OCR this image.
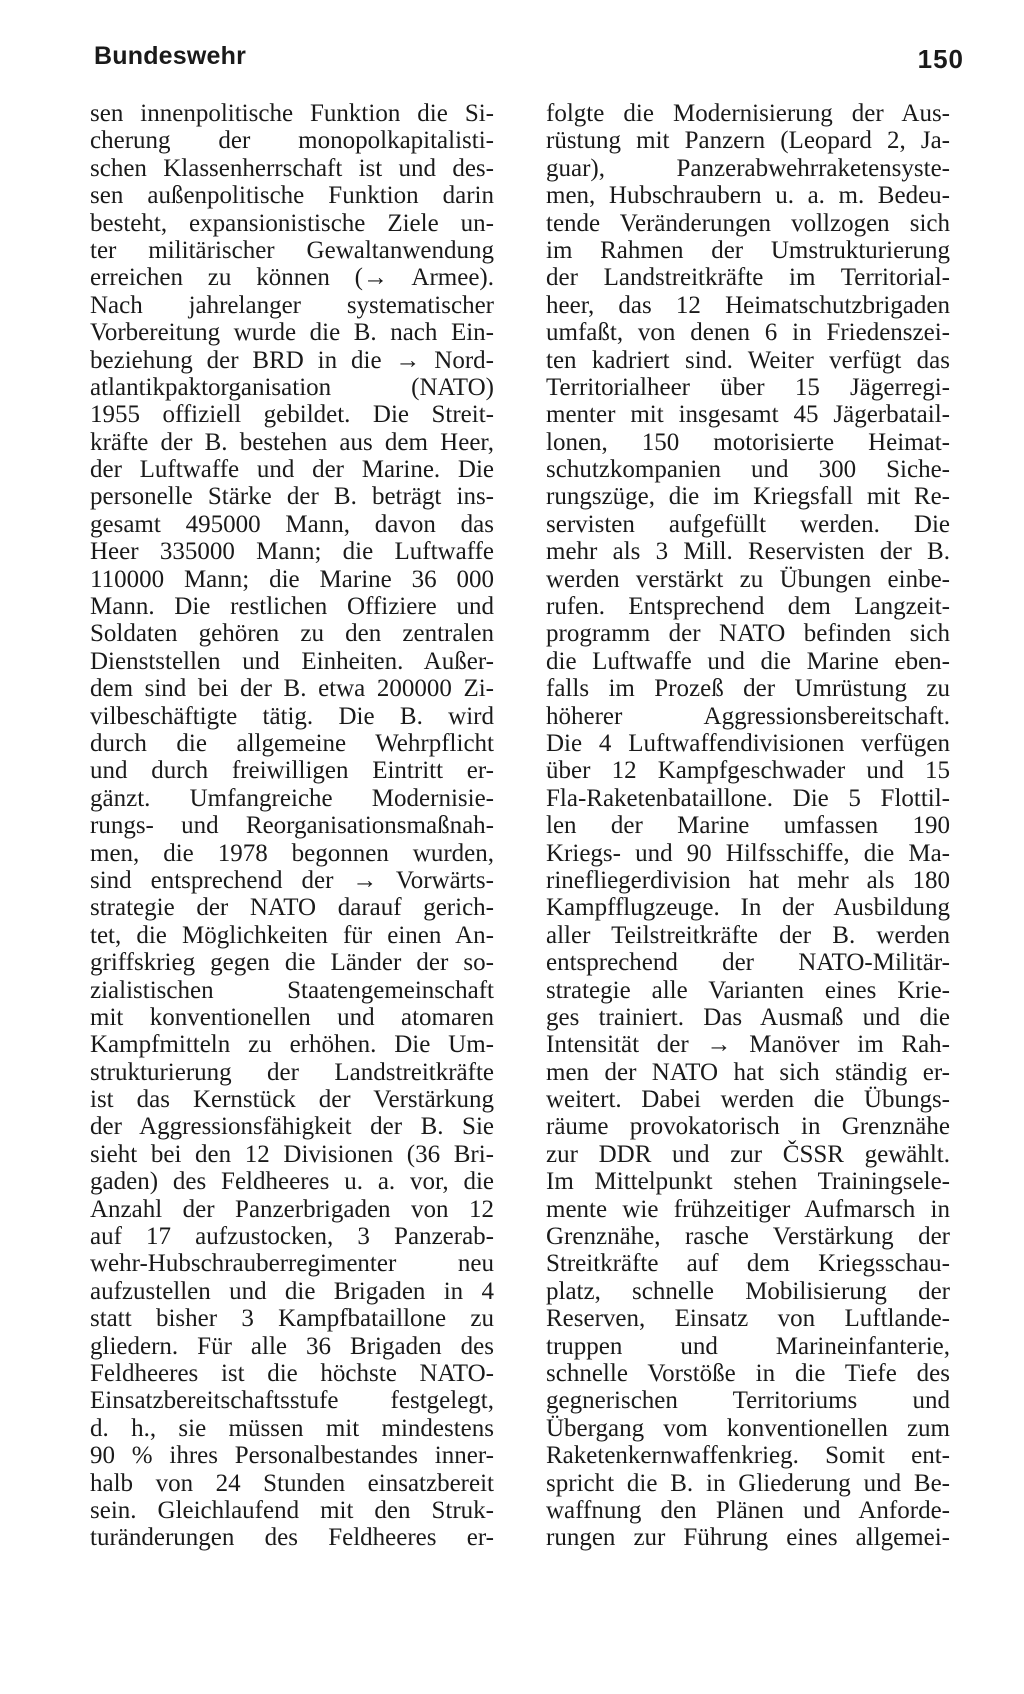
Bundeswehr	150
sen innenpolitische Funktion die Si-
cherung der monopolkapitalisti-
schen Klassenherrschaft ist und des-
sen außenpolitische Funktion darin
besteht, expansionistische Ziele un-
ter militärischer Gewaltanwendung
erreichen zu können (→ Armee).
Nach jahrelanger systematischer
Vorbereitung wurde die B. nach Ein-
beziehung der BRD in die → Nord-
atlantikpaktorganisation (NATO)
1955 offiziell gebildet. Die Streit-
kräfte der B. bestehen aus dem Heer,
der Luftwaffe und der Marine. Die
personelle Stärke der B. beträgt ins-
gesamt 495000 Mann, davon das
Heer 335000 Mann; die Luftwaffe
110000 Mann; die Marine 36 000
Mann. Die restlichen Offiziere und
Soldaten gehören zu den zentralen
Dienststellen und Einheiten. Außer-
dem sind bei der B. etwa 200000 Zi-
vilbeschäftigte tätig. Die B. wird
durch die allgemeine Wehrpflicht
und durch freiwilligen Eintritt er-
gänzt. Umfangreiche Modernisie-
rungs- und Reorganisationsmaßnah-
men, die 1978 begonnen wurden,
sind entsprechend der → Vorwärts-
strategie der NATO darauf gerich-
tet, die Möglichkeiten für einen An-
griffskrieg gegen die Länder der so-
zialistischen Staatengemeinschaft
mit konventionellen und atomaren
Kampfmitteln zu erhöhen. Die Um-
strukturierung der Landstreitkräfte
ist das Kernstück der Verstärkung
der Aggressionsfähigkeit der B. Sie
sieht bei den 12 Divisionen (36 Bri-
gaden) des Feldheeres u. a. vor, die
Anzahl der Panzerbrigaden von 12
auf 17 aufzustocken, 3 Panzerab-
wehr-Hubschrauberregimenter neu
aufzustellen und die Brigaden in 4
statt bisher 3 Kampfbataillone zu
gliedern. Für alle 36 Brigaden des
Feldheeres ist die höchste NATO-
Einsatzbereitschaftsstufe festgelegt,
d. h., sie müssen mit mindestens
90 % ihres Personalbestandes inner-
halb von 24 Stunden einsatzbereit
sein. Gleichlaufend mit den Struk-
turänderungen des Feldheeres er-
folgte die Modernisierung der Aus-
rüstung mit Panzern (Leopard 2, Ja-
guar), Panzerabwehrraketensyste-
men, Hubschraubern u. a. m. Bedeu-
tende Veränderungen vollzogen sich
im Rahmen der Umstrukturierung
der Landstreitkräfte im Territorial-
heer, das 12 Heimatschutzbrigaden
umfaßt, von denen 6 in Friedenszei-
ten kadriert sind. Weiter verfügt das
Territorialheer über 15 Jägerregi-
menter mit insgesamt 45 Jägerbatail-
lonen, 150 motorisierte Heimat-
schutzkompanien und 300 Siche-
rungszüge, die im Kriegsfall mit Re-
servisten aufgefüllt werden. Die
mehr als 3 Mill. Reservisten der B.
werden verstärkt zu Übungen einbe-
rufen. Entsprechend dem Langzeit-
programm der NATO befinden sich
die Luftwaffe und die Marine eben-
falls im Prozeß der Umrüstung zu
höherer Aggressionsbereitschaft.
Die 4 Luftwaffendivisionen verfügen
über 12 Kampfgeschwader und 15
Fla-Raketenbataillone. Die 5 Flottil-
len der Marine umfassen 190
Kriegs- und 90 Hilfsschiffe, die Ma-
rinefliegerdivision hat mehr als 180
Kampfflugzeuge. In der Ausbildung
aller Teilstreitkräfte der B. werden
entsprechend der NATO-Militär-
strategie alle Varianten eines Krie-
ges trainiert. Das Ausmaß und die
Intensität der → Manöver im Rah-
men der NATO hat sich ständig er-
weitert. Dabei werden die Übungs-
räume provokatorisch in Grenznähe
zur DDR und zur ČSSR gewählt.
Im Mittelpunkt stehen Trainingsele-
mente wie frühzeitiger Aufmarsch in
Grenznähe, rasche Verstärkung der
Streitkräfte auf dem Kriegsschau-
platz, schnelle Mobilisierung der
Reserven, Einsatz von Luftlande-
truppen und Marineinfanterie,
schnelle Vorstöße in die Tiefe des
gegnerischen Territoriums und
Übergang vom konventionellen zum
Raketenkernwaffenkrieg. Somit ent-
spricht die B. in Gliederung und Be-
waffnung den Plänen und Anforde-
rungen zur Führung eines allgemei-
